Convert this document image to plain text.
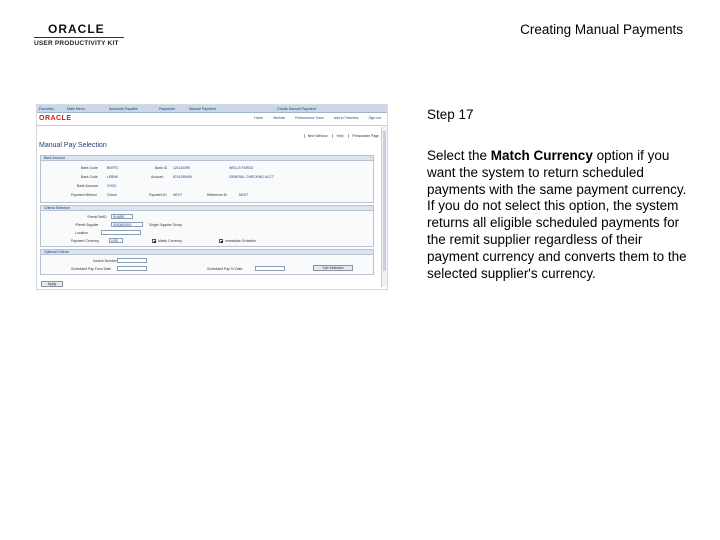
ORACLE
USER PRODUCTIVITY KIT
Creating Manual Payments
Favorites	Main Menu	Accounts Payable	Payments	Manual Payment	Create Manual Payment
ORACLE	Home	Worklist	Performance Trace	Add to Favorites	Sign out
New Window	Help	Personalize Page
Manual Pay Selection
Bank Account
Bank Code	BNTFC	Bank ID 121140399	WELLS FARGO
Bank Code	LEBNK	Account	8741295409	GENERAL CHECKING ACCT
Bank Account	CHCK
Payment Method	Check	Payment ID NEXT	Reference ID	NEXT
Criteria Selection
*Remit SetID SHARE
*Remit Supplier	0000000001	Single Supplier Group
Location
Payment Currency	USD	Match Currency	Immediate Schedule
Optional Criteria
Invoice Number
Scheduled Pay From Date	Scheduled Pay To Date	Sub-Selection
Apply
Step 17
Select the Match Currency option if you want the system to return scheduled payments with the same payment currency. If you do not select this option, the system returns all eligible scheduled payments for the remit supplier regardless of their payment currency and converts them to the selected supplier's currency.
